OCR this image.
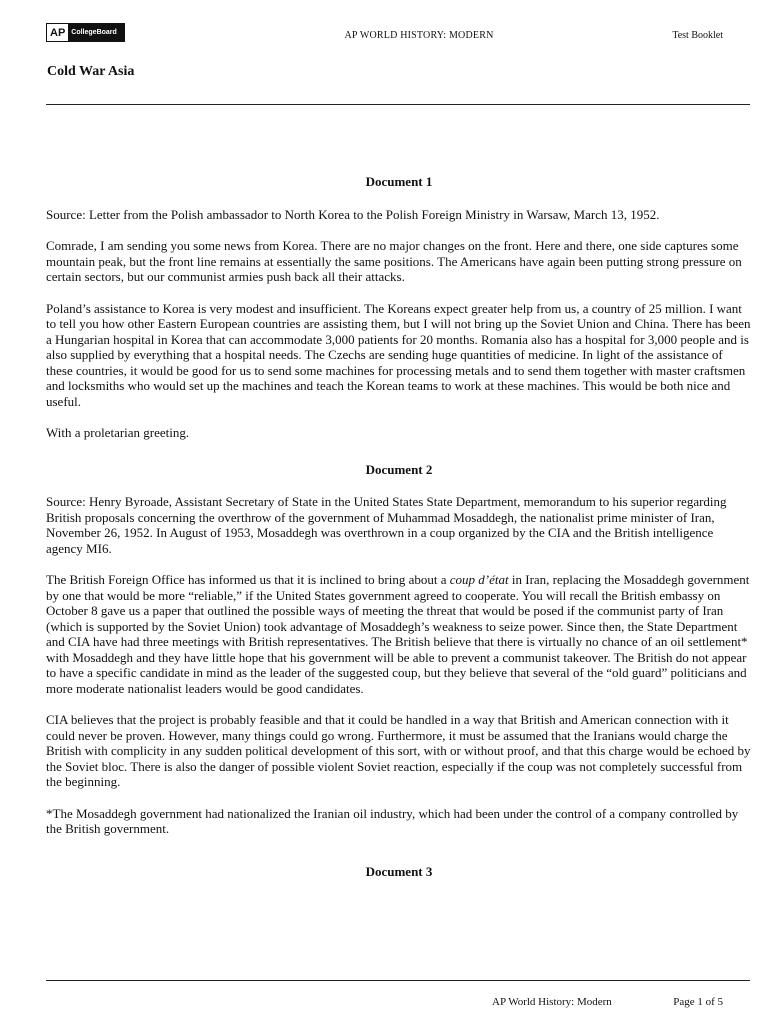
AP CollegeBoard	AP WORLD HISTORY: MODERN	Test Booklet
Cold War Asia
Document 1

Source: Letter from the Polish ambassador to North Korea to the Polish Foreign Ministry in Warsaw, March 13, 1952.

Comrade, I am sending you some news from Korea. There are no major changes on the front. Here and there, one side captures some mountain peak, but the front line remains at essentially the same positions. The Americans have again been putting strong pressure on certain sectors, but our communist armies push back all their attacks.

Poland’s assistance to Korea is very modest and insufficient. The Koreans expect greater help from us, a country of 25 million. I want to tell you how other Eastern European countries are assisting them, but I will not bring up the Soviet Union and China. There has been a Hungarian hospital in Korea that can accommodate 3,000 patients for 20 months. Romania also has a hospital for 3,000 people and is also supplied by everything that a hospital needs. The Czechs are sending huge quantities of medicine. In light of the assistance of these countries, it would be good for us to send some machines for processing metals and to send them together with master craftsmen and locksmiths who would set up the machines and teach the Korean teams to work at these machines. This would be both nice and useful.

With a proletarian greeting.

Document 2

Source: Henry Byroade, Assistant Secretary of State in the United States State Department, memorandum to his superior regarding British proposals concerning the overthrow of the government of Muhammad Mosaddegh, the nationalist prime minister of Iran, November 26, 1952. In August of 1953, Mosaddegh was overthrown in a coup organized by the CIA and the British intelligence agency MI6.

The British Foreign Office has informed us that it is inclined to bring about a coup d’état in Iran, replacing the Mosaddegh government by one that would be more “reliable,” if the United States government agreed to cooperate. You will recall the British embassy on October 8 gave us a paper that outlined the possible ways of meeting the threat that would be posed if the communist party of Iran (which is supported by the Soviet Union) took advantage of Mosaddegh’s weakness to seize power. Since then, the State Department and CIA have had three meetings with British representatives. The British believe that there is virtually no chance of an oil settlement* with Mosaddegh and they have little hope that his government will be able to prevent a communist takeover. The British do not appear to have a specific candidate in mind as the leader of the suggested coup, but they believe that several of the “old guard” politicians and more moderate nationalist leaders would be good candidates.

CIA believes that the project is probably feasible and that it could be handled in a way that British and American connection with it could never be proven. However, many things could go wrong. Furthermore, it must be assumed that the Iranians would charge the British with complicity in any sudden political development of this sort, with or without proof, and that this charge would be echoed by the Soviet bloc. There is also the danger of possible violent Soviet reaction, especially if the coup was not completely successful from the beginning.

*The Mosaddegh government had nationalized the Iranian oil industry, which had been under the control of a company controlled by the British government.

Document 3
AP World History: Modern	Page 1 of 5
